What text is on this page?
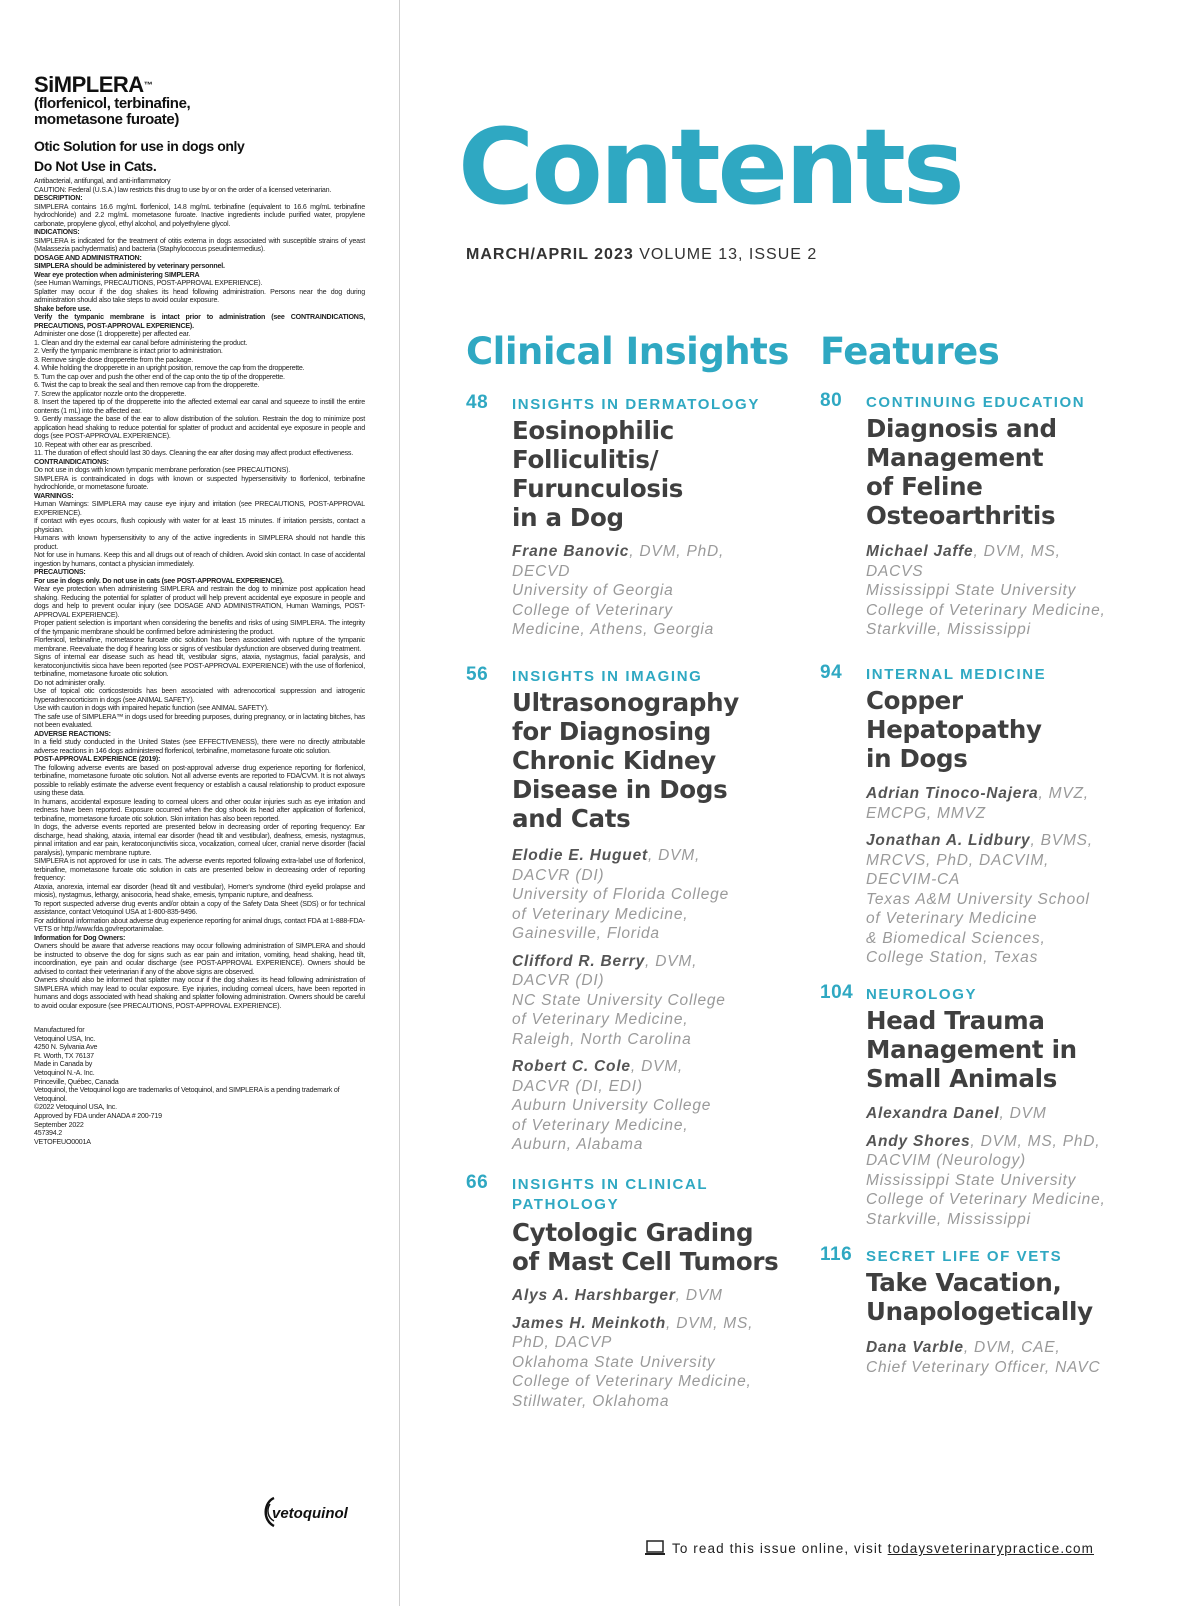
SiMPLERA™
(florfenicol, terbinafine,
mometasone furoate)
Otic Solution for use in dogs only
Do Not Use in Cats.
Antibacterial, antifungal, and anti-inflammatory
CAUTION: Federal (U.S.A.) law restricts this drug to use by or on the order of a licensed veterinarian.
DESCRIPTION:
SIMPLERA contains 16.6 mg/mL florfenicol, 14.8 mg/mL terbinafine (equivalent to 16.6 mg/mL terbinafine hydrochloride) and 2.2 mg/mL mometasone furoate. Inactive ingredients include purified water, propylene carbonate, propylene glycol, ethyl alcohol, and polyethylene glycol.
INDICATIONS:
SIMPLERA is indicated for the treatment of otitis externa in dogs associated with susceptible strains of yeast (Malassezia pachydermatis) and bacteria (Staphylococcus pseudintermedius).
DOSAGE AND ADMINISTRATION:
SIMPLERA should be administered by veterinary personnel.
Wear eye protection when administering SIMPLERA
(see Human Warnings, PRECAUTIONS, POST-APPROVAL EXPERIENCE).
Splatter may occur if the dog shakes its head following administration. Persons near the dog during administration should also take steps to avoid ocular exposure.
Shake before use.
Verify the tympanic membrane is intact prior to administration (see CONTRAINDICATIONS, PRECAUTIONS, POST-APPROVAL EXPERIENCE).
Administer one dose (1 dropperette) per affected ear.
1. Clean and dry the external ear canal before administering the product.
2. Verify the tympanic membrane is intact prior to administration.
3. Remove single dose dropperette from the package.
4. While holding the dropperette in an upright position, remove the cap from the dropperette.
5. Turn the cap over and push the other end of the cap onto the tip of the dropperette.
6. Twist the cap to break the seal and then remove cap from the dropperette.
7. Screw the applicator nozzle onto the dropperette.
8. Insert the tapered tip of the dropperette into the affected external ear canal and squeeze to instill the entire contents (1 mL) into the affected ear.
9. Gently massage the base of the ear to allow distribution of the solution. Restrain the dog to minimize post application head shaking to reduce potential for splatter of product and accidental eye exposure in people and dogs (see POST-APPROVAL EXPERIENCE).
10. Repeat with other ear as prescribed.
11. The duration of effect should last 30 days. Cleaning the ear after dosing may affect product effectiveness.
CONTRAINDICATIONS:
Do not use in dogs with known tympanic membrane perforation (see PRECAUTIONS).
SIMPLERA is contraindicated in dogs with known or suspected hypersensitivity to florfenicol, terbinafine hydrochloride, or mometasone furoate.
WARNINGS:
Human Warnings: SIMPLERA may cause eye injury and irritation (see PRECAUTIONS, POST-APPROVAL EXPERIENCE).
If contact with eyes occurs, flush copiously with water for at least 15 minutes. If irritation persists, contact a physician.
Humans with known hypersensitivity to any of the active ingredients in SIMPLERA should not handle this product.
Not for use in humans. Keep this and all drugs out of reach of children. Avoid skin contact. In case of accidental ingestion by humans, contact a physician immediately.
PRECAUTIONS:
For use in dogs only. Do not use in cats (see POST-APPROVAL EXPERIENCE).
Wear eye protection when administering SIMPLERA and restrain the dog to minimize post application head shaking. Reducing the potential for splatter of product will help prevent accidental eye exposure in people and dogs and help to prevent ocular injury (see DOSAGE AND ADMINISTRATION, Human Warnings, POST-APPROVAL EXPERIENCE).
Proper patient selection is important when considering the benefits and risks of using SIMPLERA. The integrity of the tympanic membrane should be confirmed before administering the product.
Florfenicol, terbinafine, mometasone furoate otic solution has been associated with rupture of the tympanic membrane. Reevaluate the dog if hearing loss or signs of vestibular dysfunction are observed during treatment.
Signs of internal ear disease such as head tilt, vestibular signs, ataxia, nystagmus, facial paralysis, and keratoconjunctivitis sicca have been reported (see POST-APPROVAL EXPERIENCE) with the use of florfenicol, terbinafine, mometasone furoate otic solution.
Do not administer orally.
Use of topical otic corticosteroids has been associated with adrenocortical suppression and iatrogenic hyperadrenocorticism in dogs (see ANIMAL SAFETY).
Use with caution in dogs with impaired hepatic function (see ANIMAL SAFETY).
The safe use of SIMPLERA™ in dogs used for breeding purposes, during pregnancy, or in lactating bitches, has not been evaluated.
ADVERSE REACTIONS:
In a field study conducted in the United States (see EFFECTIVENESS), there were no directly attributable adverse reactions in 146 dogs administered florfenicol, terbinafine, mometasone furoate otic solution.
POST-APPROVAL EXPERIENCE (2019):
The following adverse events are based on post-approval adverse drug experience reporting for florfenicol, terbinafine, mometasone furoate otic solution. Not all adverse events are reported to FDA/CVM. It is not always possible to reliably estimate the adverse event frequency or establish a causal relationship to product exposure using these data.
In humans, accidental exposure leading to corneal ulcers and other ocular injuries such as eye irritation and redness have been reported. Exposure occurred when the dog shook its head after application of florfenicol, terbinafine, mometasone furoate otic solution. Skin irritation has also been reported.
In dogs, the adverse events reported are presented below in decreasing order of reporting frequency: Ear discharge, head shaking, ataxia, internal ear disorder (head tilt and vestibular), deafness, emesis, nystagmus, pinnal irritation and ear pain, keratoconjunctivitis sicca, vocalization, corneal ulcer, cranial nerve disorder (facial paralysis), tympanic membrane rupture.
SIMPLERA is not approved for use in cats. The adverse events reported following extra-label use of florfenicol, terbinafine, mometasone furoate otic solution in cats are presented below in decreasing order of reporting frequency:
Ataxia, anorexia, internal ear disorder (head tilt and vestibular), Horner's syndrome (third eyelid prolapse and miosis), nystagmus, lethargy, anisocoria, head shake, emesis, tympanic rupture, and deafness.
To report suspected adverse drug events and/or obtain a copy of the Safety Data Sheet (SDS) or for technical assistance, contact Vetoquinol USA at 1-800-835-9496.
For additional information about adverse drug experience reporting for animal drugs, contact FDA at 1-888-FDA-VETS or http://www.fda.gov/reportanimalae.
Information for Dog Owners:
Owners should be aware that adverse reactions may occur following administration of SIMPLERA and should be instructed to observe the dog for signs such as ear pain and irritation, vomiting, head shaking, head tilt, incoordination, eye pain and ocular discharge (see POST-APPROVAL EXPERIENCE). Owners should be advised to contact their veterinarian if any of the above signs are observed.
Owners should also be informed that splatter may occur if the dog shakes its head following administration of SIMPLERA which may lead to ocular exposure. Eye injuries, including corneal ulcers, have been reported in humans and dogs associated with head shaking and splatter following administration. Owners should be careful to avoid ocular exposure (see PRECAUTIONS, POST-APPROVAL EXPERIENCE).
Manufactured for
Vetoquinol USA, Inc.
4250 N. Sylvania Ave
Ft. Worth, TX 76137
Made in Canada by
Vetoquinol N.-A. Inc.
Princeville, Québec, Canada
Vetoquinol, the Vetoquinol logo are trademarks of Vetoquinol, and SIMPLERA is a pending trademark of Vetoquinol.
©2022 Vetoquinol USA, Inc.
Approved by FDA under ANADA # 200-719
September 2022
457394.2
VETOFEUO0001A
vetoquinol
Contents
MARCH/APRIL 2023 VOLUME 13, ISSUE 2
Clinical Insights Features
48	INSIGHTS IN DERMATOLOGY
Eosinophilic
Folliculitis/
Furunculosis
in a Dog
Frane Banovic, DVM, PhD,
DECVD
University of Georgia
College of Veterinary
Medicine, Athens, Georgia
56	INSIGHTS IN IMAGING
Ultrasonography
for Diagnosing
Chronic Kidney
Disease in Dogs
and Cats
Elodie E. Huguet, DVM,
DACVR (DI)
University of Florida College
of Veterinary Medicine,
Gainesville, Florida
Clifford R. Berry, DVM,
DACVR (DI)
NC State University College
of Veterinary Medicine,
Raleigh, North Carolina
Robert C. Cole, DVM,
DACVR (DI, EDI)
Auburn University College
of Veterinary Medicine,
Auburn, Alabama
66	INSIGHTS IN CLINICAL
PATHOLOGY
Cytologic Grading
of Mast Cell Tumors
Alys A. Harshbarger, DVM
James H. Meinkoth, DVM, MS,
PhD, DACVP
Oklahoma State University
College of Veterinary Medicine,
Stillwater, Oklahoma
80	CONTINUING EDUCATION
Diagnosis and
Management
of Feline
Osteoarthritis
Michael Jaffe, DVM, MS,
DACVS
Mississippi State University
College of Veterinary Medicine,
Starkville, Mississippi
94	INTERNAL MEDICINE
Copper
Hepatopathy
in Dogs
Adrian Tinoco-Najera, MVZ,
EMCPG, MMVZ
Jonathan A. Lidbury, BVMS,
MRCVS, PhD, DACVIM,
DECVIM-CA
Texas A&M University School
of Veterinary Medicine
& Biomedical Sciences,
College Station, Texas
104 NEUROLOGY
Head Trauma
Management in
Small Animals
Alexandra Danel, DVM
Andy Shores, DVM, MS, PhD,
DACVIM (Neurology)
Mississippi State University
College of Veterinary Medicine,
Starkville, Mississippi
116 SECRET LIFE OF VETS
Take Vacation,
Unapologetically
Dana Varble, DVM, CAE,
Chief Veterinary Officer, NAVC
To read this issue online, visit todaysveterinarypractice.com
